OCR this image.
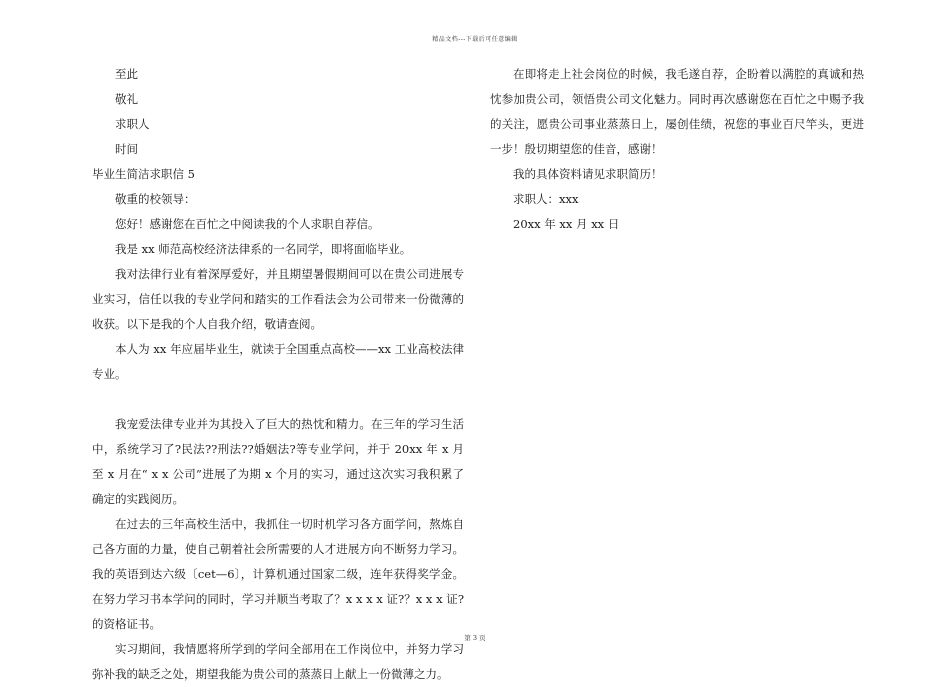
精品文档---下载后可任意编辑

至此

敬礼

求职人

时间

毕业生简洁求职信 5

敬重的校领导：

您好！感谢您在百忙之中阅读我的个人求职自荐信。

我是 xx 师范高校经济法律系的一名同学，即将面临毕业。

我对法律行业有着深厚爱好，并且期望暑假期间可以在贵公司进展专业实习，信任以我的专业学问和踏实的工作看法会为公司带来一份微薄的收获。以下是我的个人自我介绍，敬请查阅。

本人为 xx 年应届毕业生，就读于全国重点高校——xx 工业高校法律专业。

我宠爱法律专业并为其投入了巨大的热忱和精力。在三年的学习生活中，系统学习了?民法??刑法??婚姻法?等专业学问，并于 20xx 年 x 月至 x 月在“ x x 公司”进展了为期 x 个月的实习，通过这次实习我积累了确定的实践阅历。

在过去的三年高校生活中，我抓住一切时机学习各方面学问，熬炼自己各方面的力量，使自己朝着社会所需要的人才进展方向不断努力学习。我的英语到达六级〔cet—6〕，计算机通过国家二级，连年获得奖学金。在努力学习书本学问的同时，学习并顺当考取了？x x x x 证?？x x x 证?的资格证书。

实习期间，我情愿将所学到的学问全部用在工作岗位中，并努力学习弥补我的缺乏之处，期望我能为贵公司的蒸蒸日上献上一份微薄之力。

在即将走上社会岗位的时候，我毛遂自荐，企盼着以满腔的真诚和热忱参加贵公司，领悟贵公司文化魅力。同时再次感谢您在百忙之中赐予我的关注，愿贵公司事业蒸蒸日上，屡创佳绩，祝您的事业百尺竿头，更进一步！殷切期望您的佳音，感谢！

我的具体资料请见求职简历！

求职人：xxx

20xx 年 xx 月 xx 日

第 3 页
